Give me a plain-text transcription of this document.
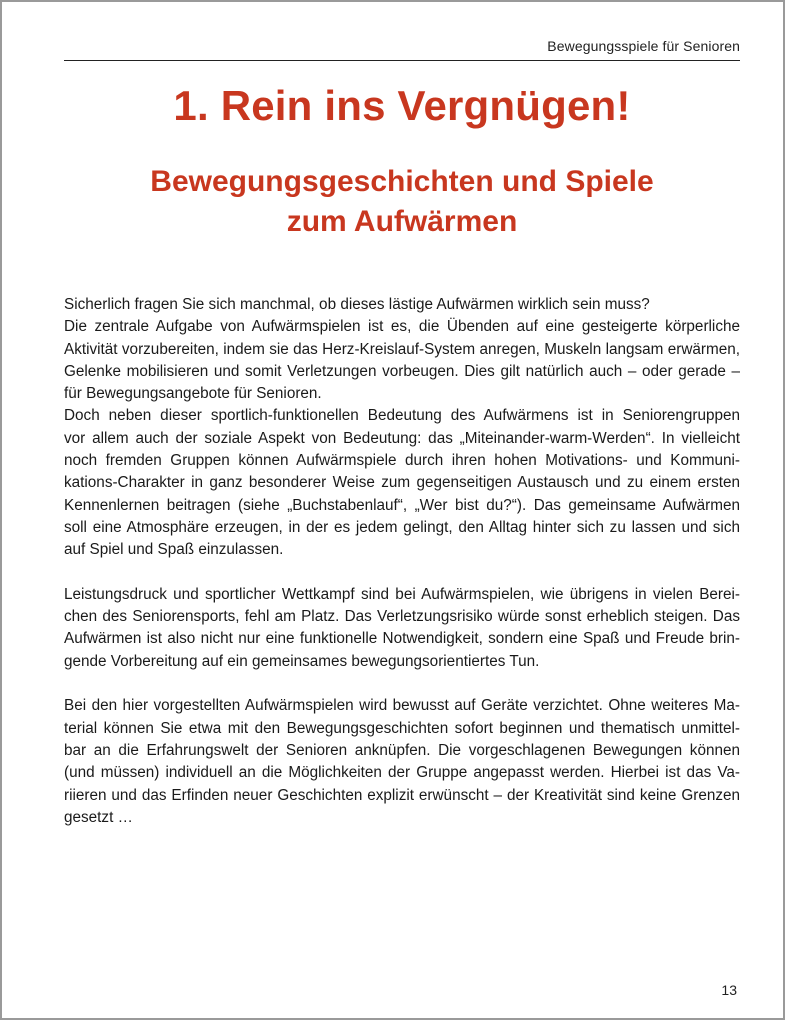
Bewegungsspiele für Senioren
1. Rein ins Vergnügen!
Bewegungsgeschichten und Spiele
zum Aufwärmen
Sicherlich fragen Sie sich manchmal, ob dieses lästige Aufwärmen wirklich sein muss?
Die zentrale Aufgabe von Aufwärmspielen ist es, die Übenden auf eine gesteigerte körperliche
Aktivität vorzubereiten, indem sie das Herz-Kreislauf-System anregen, Muskeln langsam erwärmen,
Gelenke mobilisieren und somit Verletzungen vorbeugen. Dies gilt natürlich auch – oder gerade –
für Bewegungsangebote für Senioren.
Doch neben dieser sportlich-funktionellen Bedeutung des Aufwärmens ist in Seniorengruppen
vor allem auch der soziale Aspekt von Bedeutung: das „Miteinander-warm-Werden“. In vielleicht
noch fremden Gruppen können Aufwärmspiele durch ihren hohen Motivations- und Kommuni-
kations-Charakter in ganz besonderer Weise zum gegenseitigen Austausch und zu einem ersten
Kennenlernen beitragen (siehe „Buchstabenlauf“, „Wer bist du?“). Das gemeinsame Aufwärmen
soll eine Atmosphäre erzeugen, in der es jedem gelingt, den Alltag hinter sich zu lassen und sich
auf Spiel und Spaß einzulassen.
Leistungsdruck und sportlicher Wettkampf sind bei Aufwärmspielen, wie übrigens in vielen Berei-
chen des Seniorensports, fehl am Platz. Das Verletzungsrisiko würde sonst erheblich steigen. Das
Aufwärmen ist also nicht nur eine funktionelle Notwendigkeit, sondern eine Spaß und Freude brin-
gende Vorbereitung auf ein gemeinsames bewegungsorientiertes Tun.
Bei den hier vorgestellten Aufwärmspielen wird bewusst auf Geräte verzichtet. Ohne weiteres Ma-
terial können Sie etwa mit den Bewegungsgeschichten sofort beginnen und thematisch unmittel-
bar an die Erfahrungswelt der Senioren anknüpfen. Die vorgeschlagenen Bewegungen können
(und müssen) individuell an die Möglichkeiten der Gruppe angepasst werden. Hierbei ist das Va-
riieren und das Erfinden neuer Geschichten explizit erwünscht – der Kreativität sind keine Grenzen
gesetzt …
13
